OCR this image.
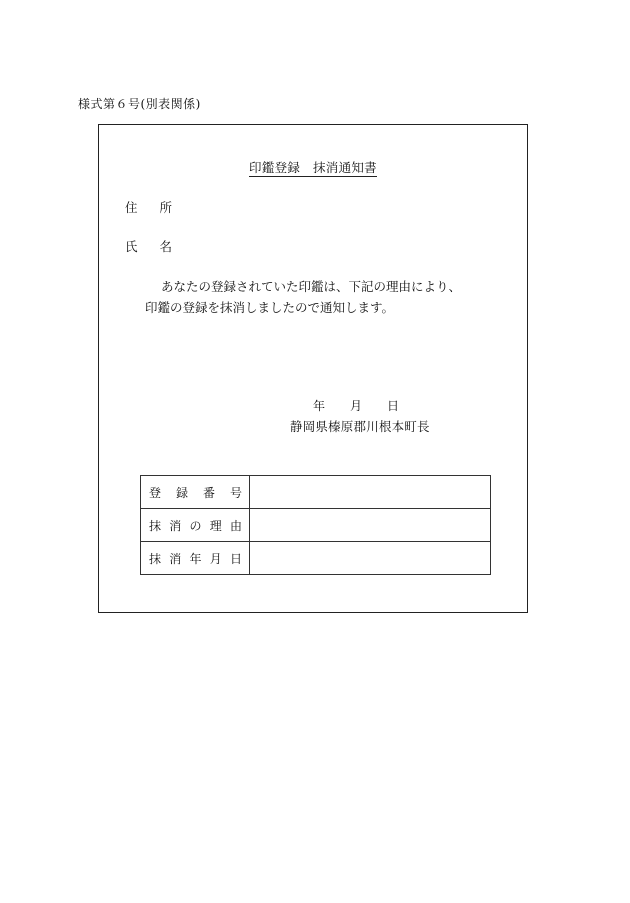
様式第６号(別表関係)
印鑑登録　抹消通知書
住 所
氏 名
あなたの登録されていた印鑑は、下記の理由により、
印鑑の登録を抹消しましたので通知します。
年 月 日
静岡県榛原郡川根本町長
登 録 番 号	

抹 消 の 理 由	

抹 消 年 月 日	
